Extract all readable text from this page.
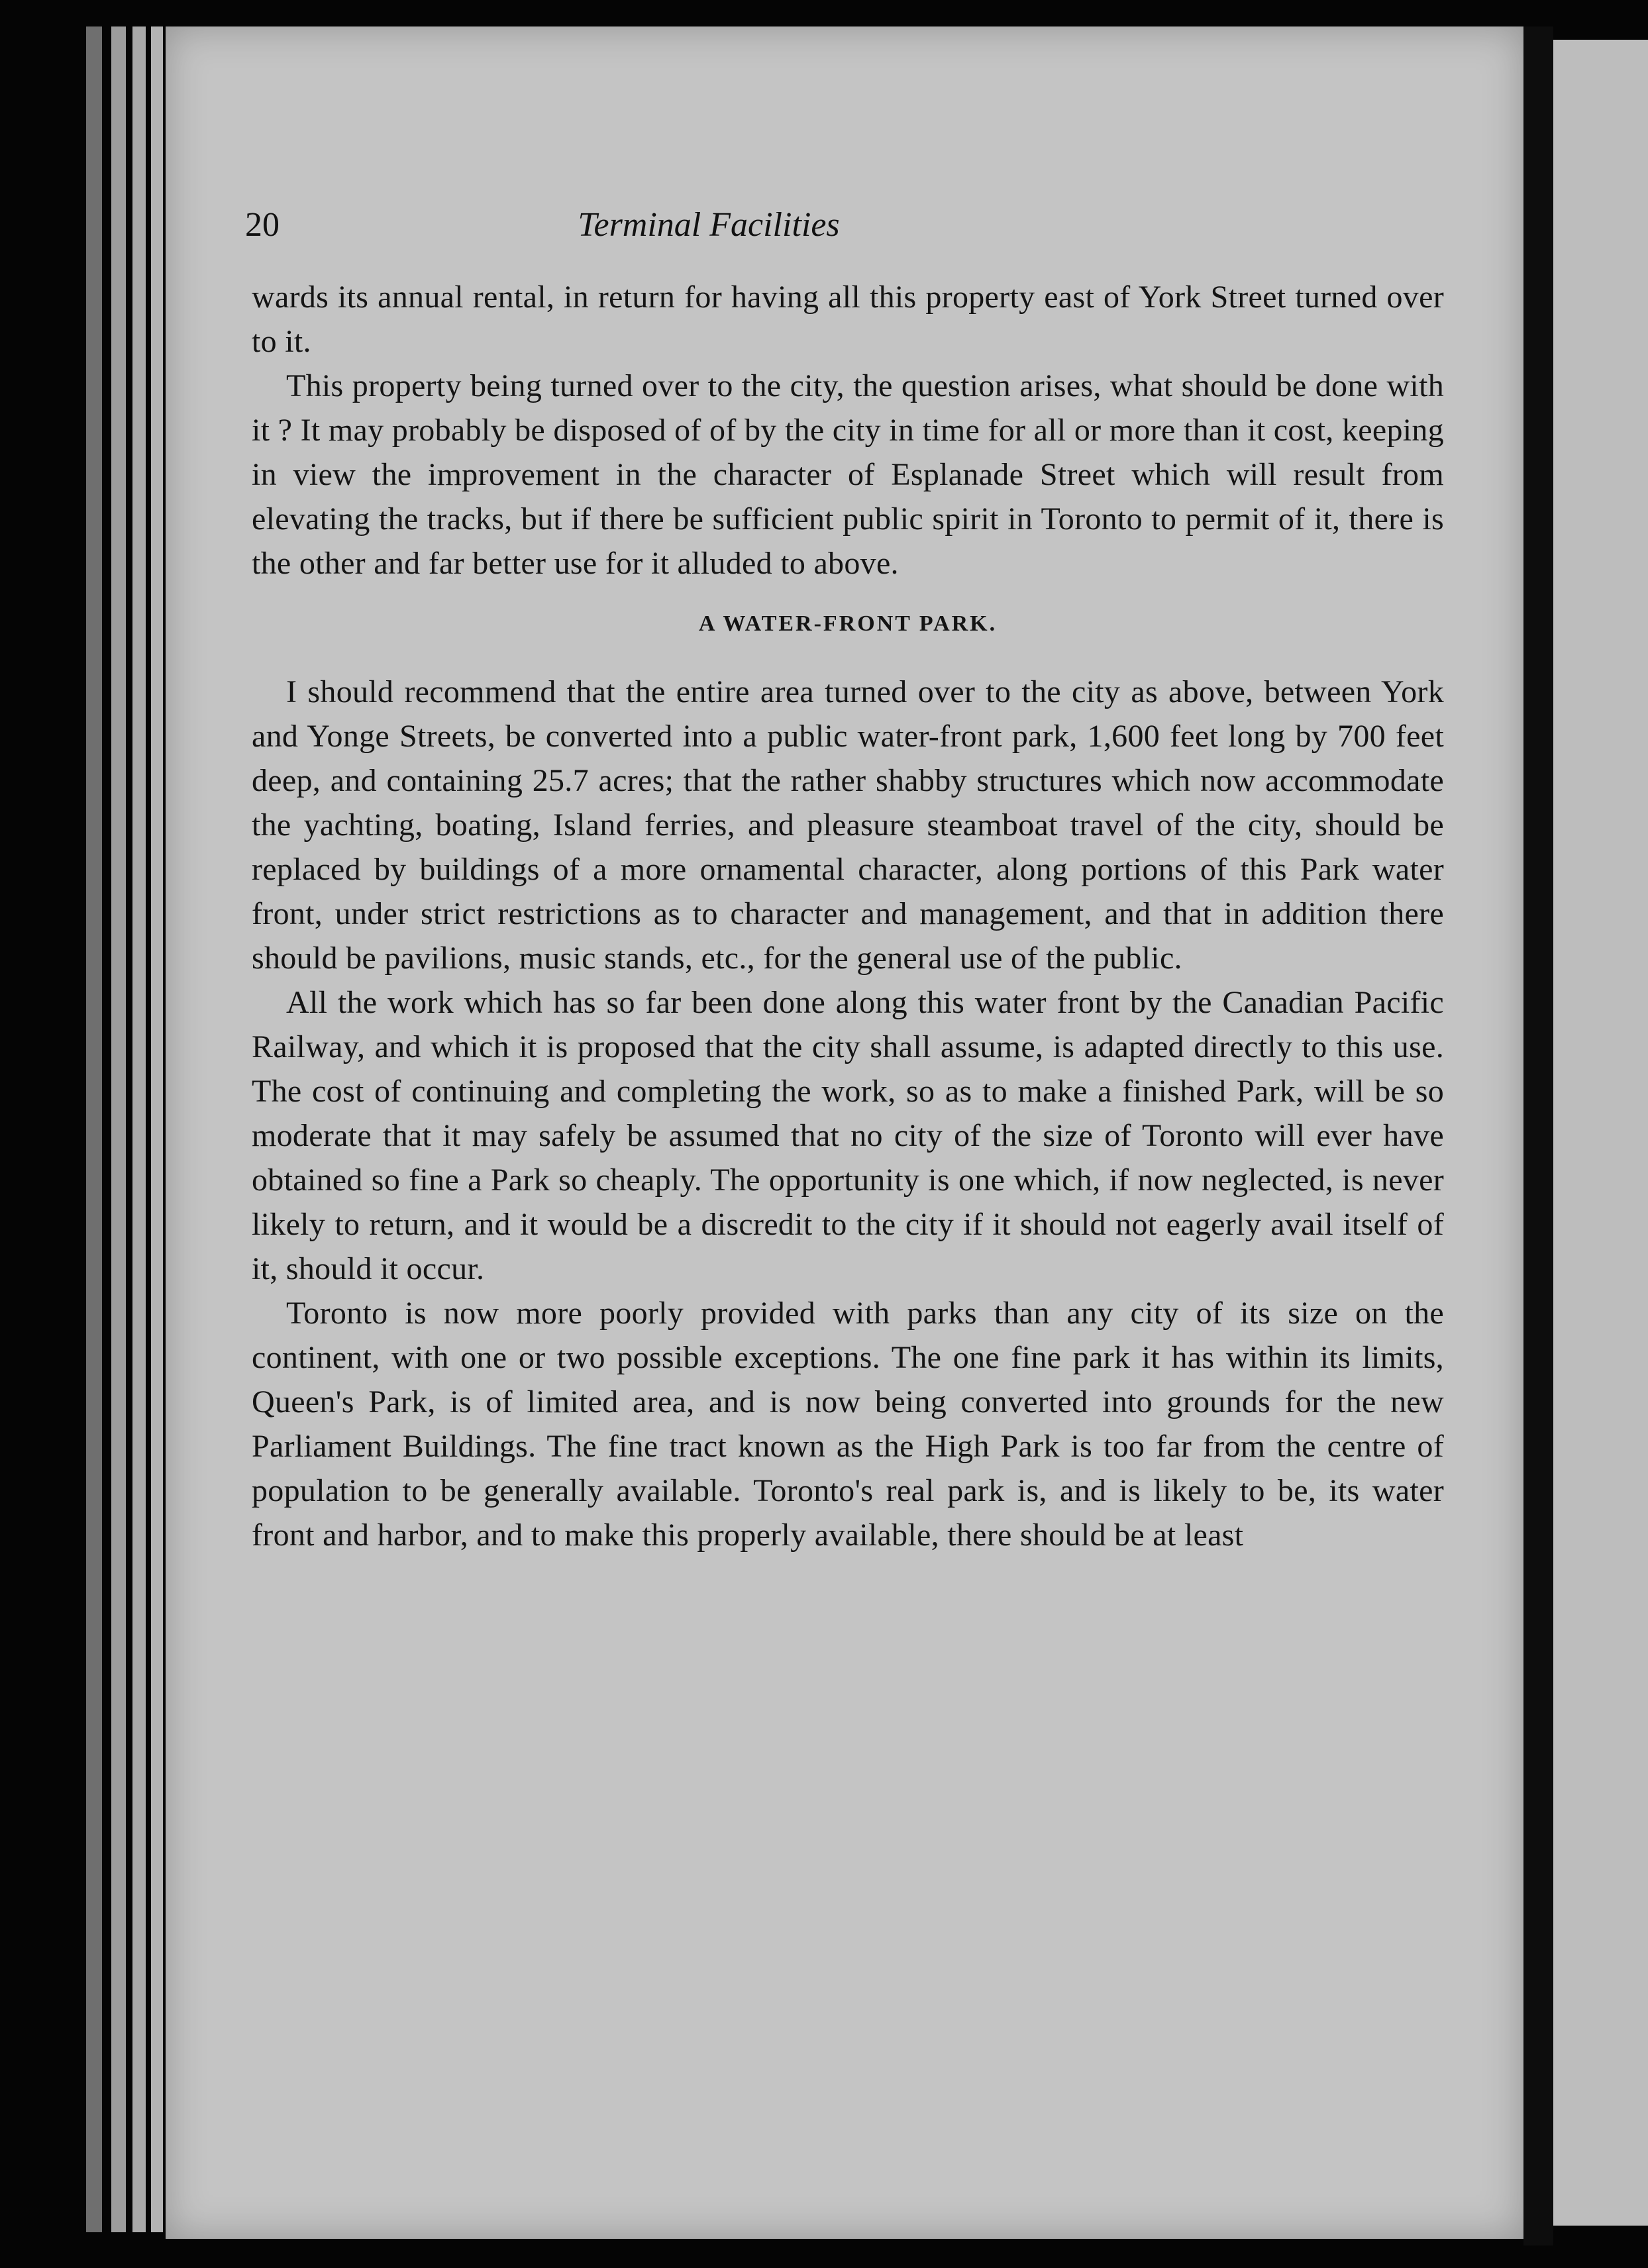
20	Terminal Facilities

wards its annual rental, in return for having all this property east of York Street turned over to it.

This property being turned over to the city, the question arises, what should be done with it ? It may probably be disposed of of by the city in time for all or more than it cost, keeping in view the improvement in the character of Esplanade Street which will result from elevating the tracks, but if there be sufficient public spirit in Toronto to permit of it, there is the other and far better use for it alluded to above.

A WATER-FRONT PARK.

I should recommend that the entire area turned over to the city as above, between York and Yonge Streets, be converted into a public water-front park, 1,600 feet long by 700 feet deep, and containing 25.7 acres; that the rather shabby structures which now accommodate the yachting, boating, Island ferries, and pleasure steamboat travel of the city, should be replaced by buildings of a more ornamental character, along portions of this Park water front, under strict restrictions as to character and management, and that in addition there should be pavilions, music stands, etc., for the general use of the public.

All the work which has so far been done along this water front by the Canadian Pacific Railway, and which it is proposed that the city shall assume, is adapted directly to this use. The cost of continuing and completing the work, so as to make a finished Park, will be so moderate that it may safely be assumed that no city of the size of Toronto will ever have obtained so fine a Park so cheaply. The opportunity is one which, if now neglected, is never likely to return, and it would be a discredit to the city if it should not eagerly avail itself of it, should it occur.

Toronto is now more poorly provided with parks than any city of its size on the continent, with one or two possible exceptions. The one fine park it has within its limits, Queen's Park, is of limited area, and is now being converted into grounds for the new Parliament Buildings. The fine tract known as the High Park is too far from the centre of population to be generally available. Toronto's real park is, and is likely to be, its water front and harbor, and to make this properly available, there should be at least
